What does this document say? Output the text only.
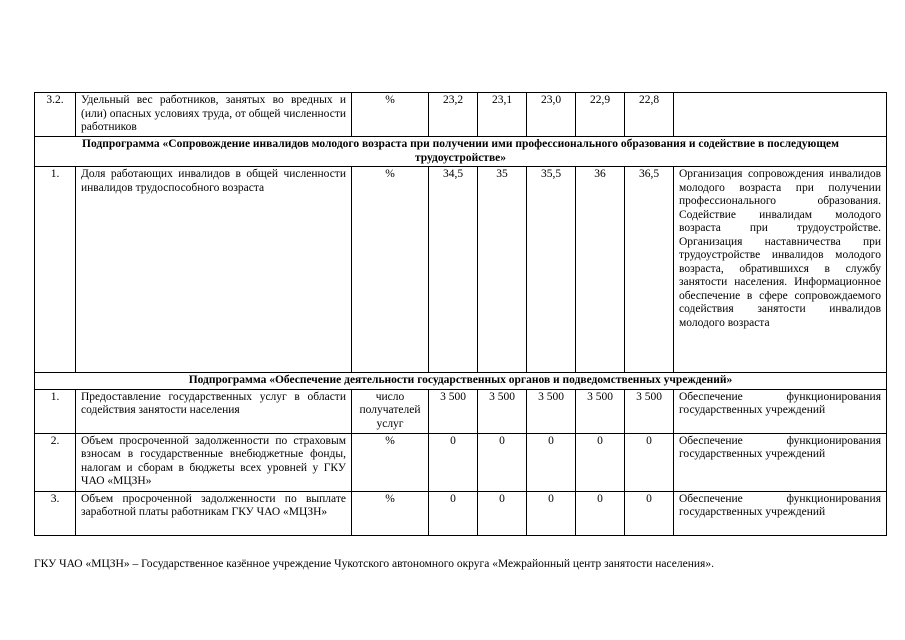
3.2.	Удельный вес работников, занятых во вредных и (или) опасных условиях труда, от общей численности работников	%	23,2	23,1	23,0	22,9	22,8	
Подпрограмма «Сопровождение инвалидов молодого возраста при получении ими профессионального образования и содействие в последующем трудоустройстве»								
1.	Доля работающих инвалидов в общей численности инвалидов трудоспособного возраста	%	34,5	35	35,5	36	36,5	Организация сопровождения инвалидов молодого возраста при получении профессионального образования. Содействие инвалидам молодого возраста при трудоустройстве. Организация наставничества при трудоустройстве инвалидов молодого возраста, обратившихся в службу занятости населения. Информационное обеспечение в сфере сопровождаемого содействия занятости инвалидов молодого возраста
Подпрограмма «Обеспечение деятельности государственных органов и подведомственных учреждений»								
1.	Предоставление государственных услуг в области содействия занятости населения	число получателей услуг	3 500	3 500	3 500	3 500	3 500	Обеспечение функционирования государственных учреждений
2.	Объем просроченной задолженности по страховым взносам в государственные внебюджетные фонды, налогам и сборам в бюджеты всех уровней у ГКУ ЧАО «МЦЗН»	%	0	0	0	0	0	Обеспечение функционирования государственных учреждений
3.	Объем просроченной задолженности по выплате заработной платы работникам ГКУ ЧАО «МЦЗН»	%	0	0	0	0	0	Обеспечение функционирования государственных учреждений
ГКУ ЧАО «МЦЗН» – Государственное казённое учреждение Чукотского автономного округа «Межрайонный центр занятости населения».
